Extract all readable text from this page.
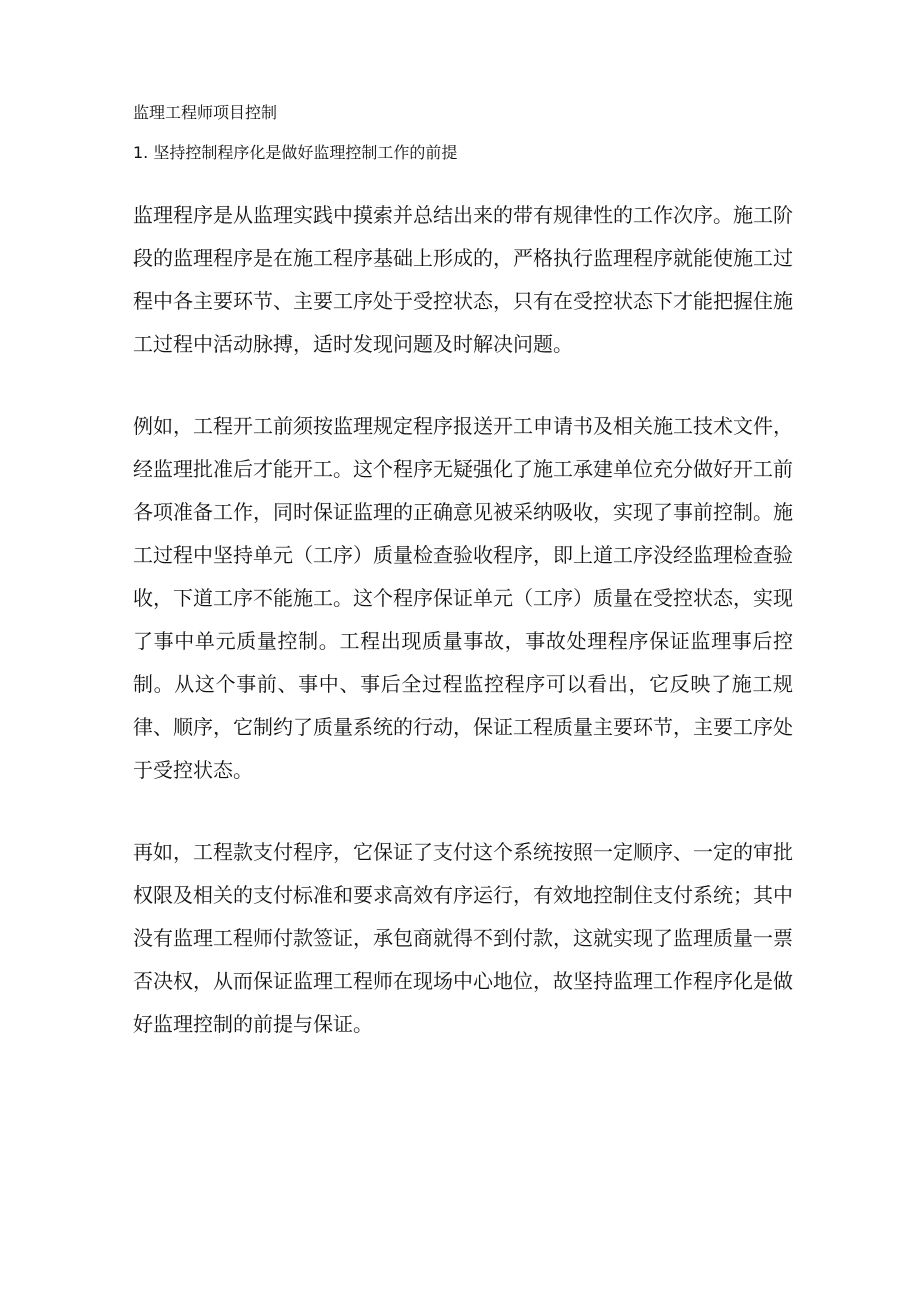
监理工程师项目控制
1. 坚持控制程序化是做好监理控制工作的前提

监理程序是从监理实践中摸索并总结出来的带有规律性的工作次序。施工阶段的监理程序是在施工程序基础上形成的，严格执行监理程序就能使施工过程中各主要环节、主要工序处于受控状态，只有在受控状态下才能把握住施工过程中活动脉搏，适时发现问题及时解决问题。

例如，工程开工前须按监理规定程序报送开工申请书及相关施工技术文件，经监理批准后才能开工。这个程序无疑强化了施工承建单位充分做好开工前各项准备工作，同时保证监理的正确意见被采纳吸收，实现了事前控制。施工过程中坚持单元（工序）质量检查验收程序，即上道工序没经监理检查验收，下道工序不能施工。这个程序保证单元（工序）质量在受控状态，实现了事中单元质量控制。工程出现质量事故，事故处理程序保证监理事后控制。从这个事前、事中、事后全过程监控程序可以看出，它反映了施工规律、顺序，它制约了质量系统的行动，保证工程质量主要环节，主要工序处于受控状态。

再如，工程款支付程序，它保证了支付这个系统按照一定顺序、一定的审批权限及相关的支付标准和要求高效有序运行，有效地控制住支付系统；其中没有监理工程师付款签证，承包商就得不到付款，这就实现了监理质量一票否决权，从而保证监理工程师在现场中心地位，故坚持监理工作程序化是做好监理控制的前提与保证。
